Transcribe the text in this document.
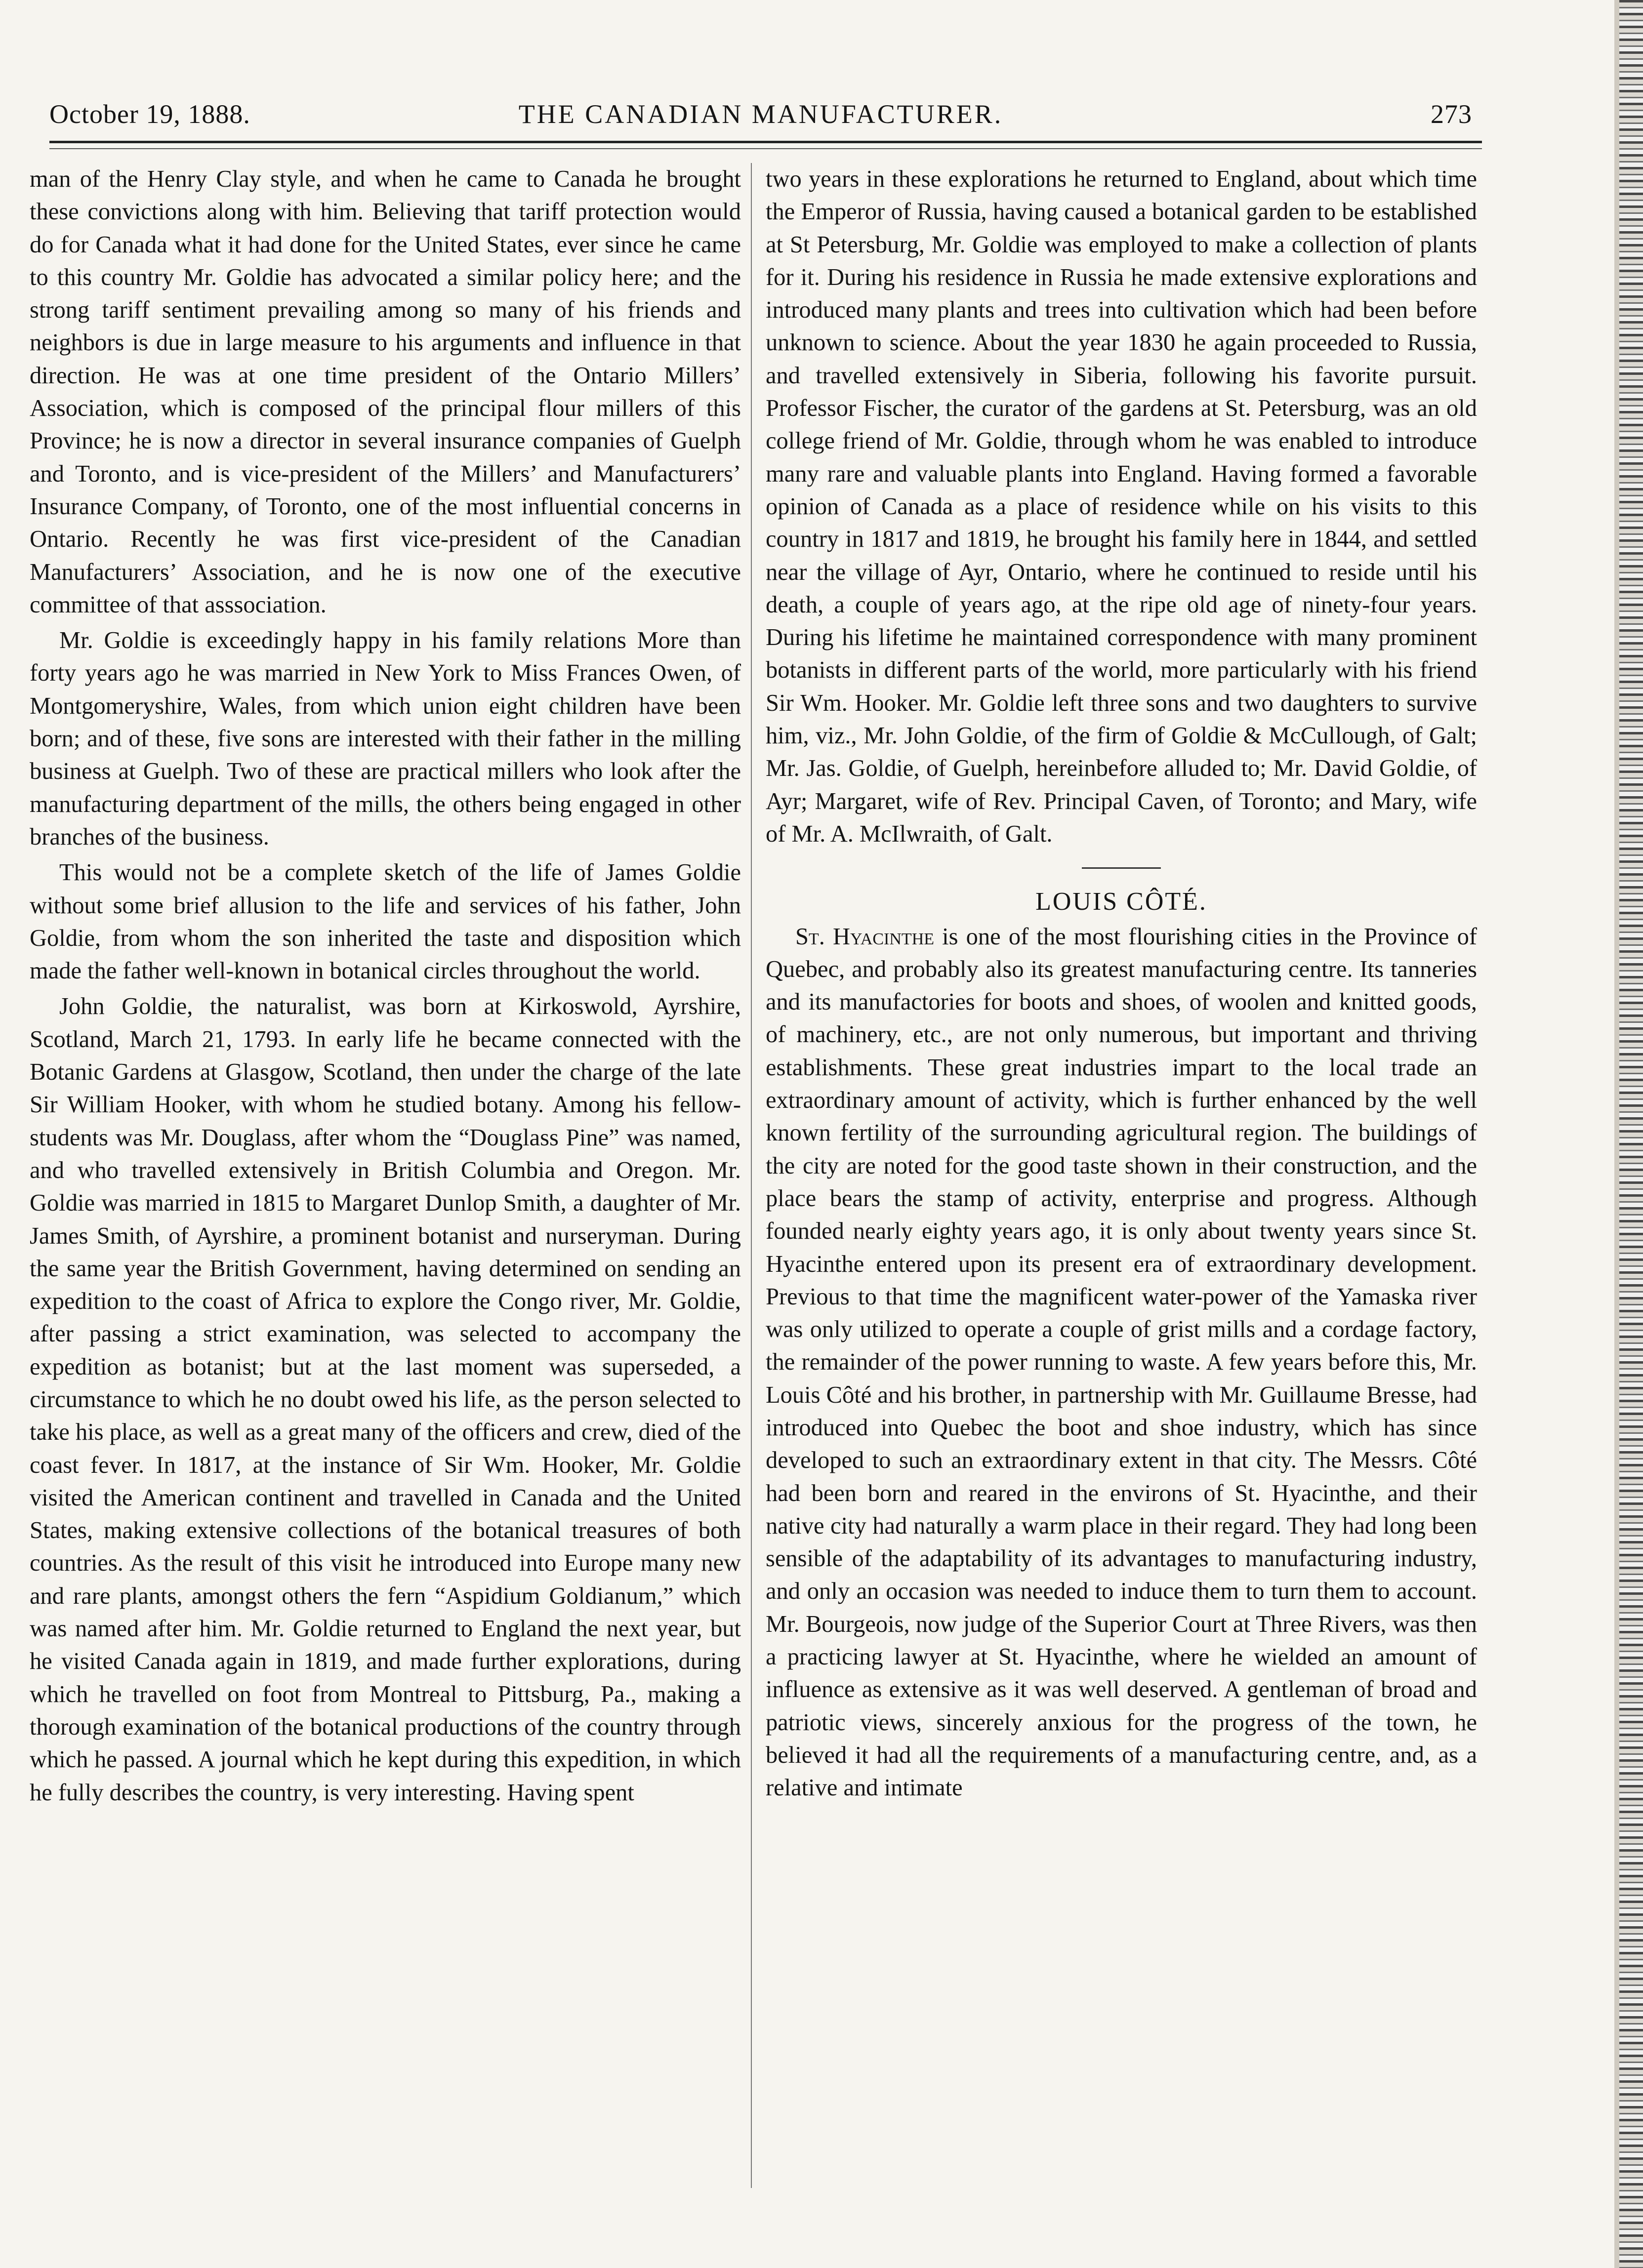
October 19, 1888.	THE CANADIAN MANUFACTURER.	273

man of the Henry Clay style, and when he came to Canada he brought these convictions along with him. Believing that tariff protection would do for Canada what it had done for the United States, ever since he came to this country Mr. Goldie has advocated a similar policy here; and the strong tariff sentiment prevailing among so many of his friends and neighbors is due in large measure to his arguments and influence in that direction. He was at one time president of the Ontario Millers’ Association, which is composed of the principal flour millers of this Province; he is now a director in several insurance companies of Guelph and Toronto, and is vice-president of the Millers’ and Manufacturers’ Insurance Company, of Toronto, one of the most influential concerns in Ontario. Recently he was first vice-president of the Canadian Manufacturers’ Association, and he is now one of the executive committee of that asssociation.

Mr. Goldie is exceedingly happy in his family relations More than forty years ago he was married in New York to Miss Frances Owen, of Montgomeryshire, Wales, from which union eight children have been born; and of these, five sons are interested with their father in the milling business at Guelph. Two of these are practical millers who look after the manufacturing department of the mills, the others being engaged in other branches of the business.

This would not be a complete sketch of the life of James Goldie without some brief allusion to the life and services of his father, John Goldie, from whom the son inherited the taste and disposition which made the father well-known in botanical circles throughout the world.

John Goldie, the naturalist, was born at Kirkoswold, Ayrshire, Scotland, March 21, 1793. In early life he became connected with the Botanic Gardens at Glasgow, Scotland, then under the charge of the late Sir William Hooker, with whom he studied botany. Among his fellow-students was Mr. Douglass, after whom the “Douglass Pine” was named, and who travelled extensively in British Columbia and Oregon. Mr. Goldie was married in 1815 to Margaret Dunlop Smith, a daughter of Mr. James Smith, of Ayrshire, a prominent botanist and nurseryman. During the same year the British Government, having determined on sending an expedition to the coast of Africa to explore the Congo river, Mr. Goldie, after passing a strict examination, was selected to accompany the expedition as botanist; but at the last moment was superseded, a circumstance to which he no doubt owed his life, as the person selected to take his place, as well as a great many of the officers and crew, died of the coast fever. In 1817, at the instance of Sir Wm. Hooker, Mr. Goldie visited the American continent and travelled in Canada and the United States, making extensive collections of the botanical treasures of both countries. As the result of this visit he introduced into Europe many new and rare plants, amongst others the fern “Aspidium Goldianum,” which was named after him. Mr. Goldie returned to England the next year, but he visited Canada again in 1819, and made further explorations, during which he travelled on foot from Montreal to Pittsburg, Pa., making a thorough examination of the botanical productions of the country through which he passed. A journal which he kept during this expedition, in which he fully describes the country, is very interesting. Having spent

two years in these explorations he returned to England, about which time the Emperor of Russia, having caused a botanical garden to be established at St Petersburg, Mr. Goldie was employed to make a collection of plants for it. During his residence in Russia he made extensive explorations and introduced many plants and trees into cultivation which had been before unknown to science. About the year 1830 he again proceeded to Russia, and travelled extensively in Siberia, following his favorite pursuit. Professor Fischer, the curator of the gardens at St. Petersburg, was an old college friend of Mr. Goldie, through whom he was enabled to introduce many rare and valuable plants into England. Having formed a favorable opinion of Canada as a place of residence while on his visits to this country in 1817 and 1819, he brought his family here in 1844, and settled near the village of Ayr, Ontario, where he continued to reside until his death, a couple of years ago, at the ripe old age of ninety-four years. During his lifetime he maintained correspondence with many prominent botanists in different parts of the world, more particularly with his friend Sir Wm. Hooker. Mr. Goldie left three sons and two daughters to survive him, viz., Mr. John Goldie, of the firm of Goldie & McCullough, of Galt; Mr. Jas. Goldie, of Guelph, hereinbefore alluded to; Mr. David Goldie, of Ayr; Margaret, wife of Rev. Principal Caven, of Toronto; and Mary, wife of Mr. A. McIlwraith, of Galt.

LOUIS CÔTÉ.

St. Hyacinthe is one of the most flourishing cities in the Province of Quebec, and probably also its greatest manufacturing centre. Its tanneries and its manufactories for boots and shoes, of woolen and knitted goods, of machinery, etc., are not only numerous, but important and thriving establishments. These great industries impart to the local trade an extraordinary amount of activity, which is further enhanced by the well known fertility of the surrounding agricultural region. The buildings of the city are noted for the good taste shown in their construction, and the place bears the stamp of activity, enterprise and progress. Although founded nearly eighty years ago, it is only about twenty years since St. Hyacinthe entered upon its present era of extraordinary development. Previous to that time the magnificent water-power of the Yamaska river was only utilized to operate a couple of grist mills and a cordage factory, the remainder of the power running to waste. A few years before this, Mr. Louis Côté and his brother, in partnership with Mr. Guillaume Bresse, had introduced into Quebec the boot and shoe industry, which has since developed to such an extraordinary extent in that city. The Messrs. Côté had been born and reared in the environs of St. Hyacinthe, and their native city had naturally a warm place in their regard. They had long been sensible of the adaptability of its advantages to manufacturing industry, and only an occasion was needed to induce them to turn them to account. Mr. Bourgeois, now judge of the Superior Court at Three Rivers, was then a practicing lawyer at St. Hyacinthe, where he wielded an amount of influence as extensive as it was well deserved. A gentleman of broad and patriotic views, sincerely anxious for the progress of the town, he believed it had all the requirements of a manufacturing centre, and, as a relative and intimate
